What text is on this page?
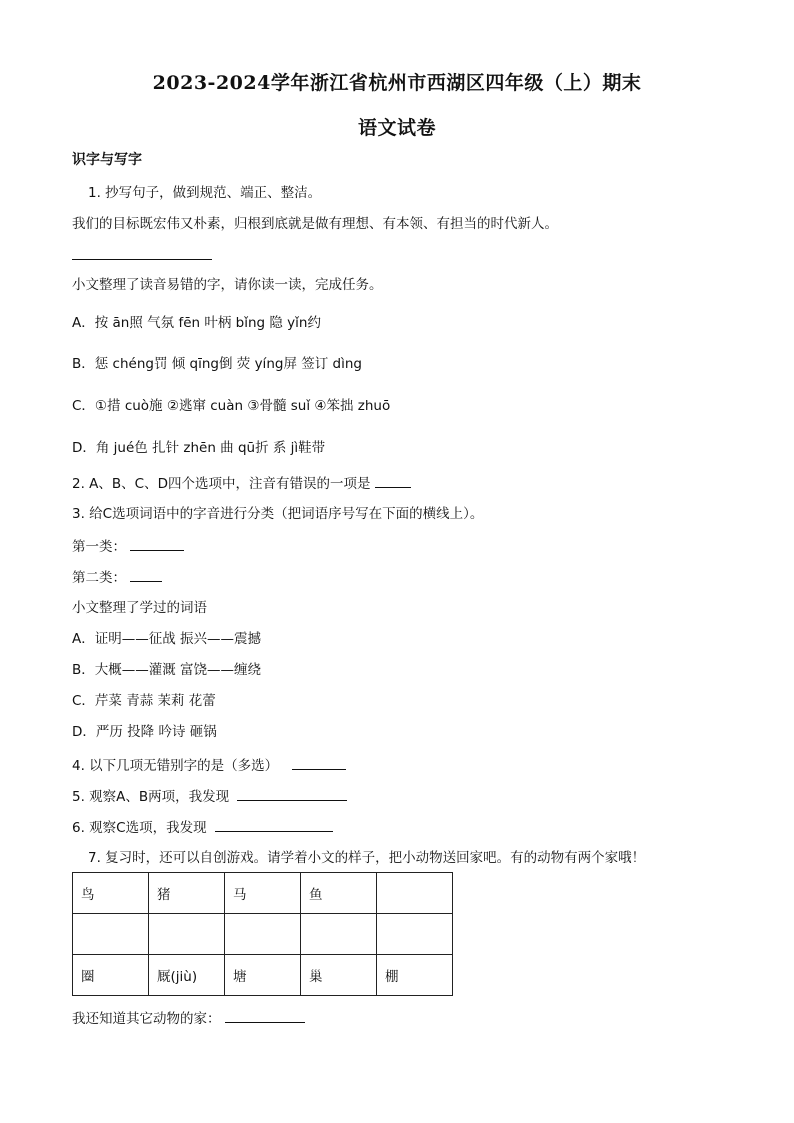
2023-2024学年浙江省杭州市西湖区四年级（上）期末
语文试卷
识字与写字
1. 抄写句子，做到规范、端正、整洁。
我们的目标既宏伟又朴素，归根到底就是做有理想、有本领、有担当的时代新人。
小文整理了读音易错的字，请你读一读，完成任务。
A．按 ān照 气氛 fēn 叶柄 bǐng 隐 yǐn约
B．惩 chéng罚 倾 qīng倒 荧 yíng屏 签订 dìng
C．①措 cuò施 ②逃窜 cuàn ③骨髓 suǐ ④笨拙 zhuō
D．角 jué色 扎针 zhēn 曲 qū折 系 jì鞋带
2. A、B、C、D四个选项中，注音有错误的一项是
3. 给C选项词语中的字音进行分类（把词语序号写在下面的横线上）。
第一类：
第二类：
小文整理了学过的词语
A．证明——征战 振兴——震撼
B．大概——灌溉 富饶——缠绕
C．芹菜 青蒜 茉莉 花蕾
D．严历 投降 吟诗 砸锅
4. 以下几项无错别字的是（多选）
5. 观察A、B两项，我发现
6. 观察C选项，我发现
7. 复习时，还可以自创游戏。请学着小文的样子，把小动物送回家吧。有的动物有两个家哦！
鸟	猪	马	鱼	

圈	厩(jiù)	塘	巢	棚
我还知道其它动物的家：
